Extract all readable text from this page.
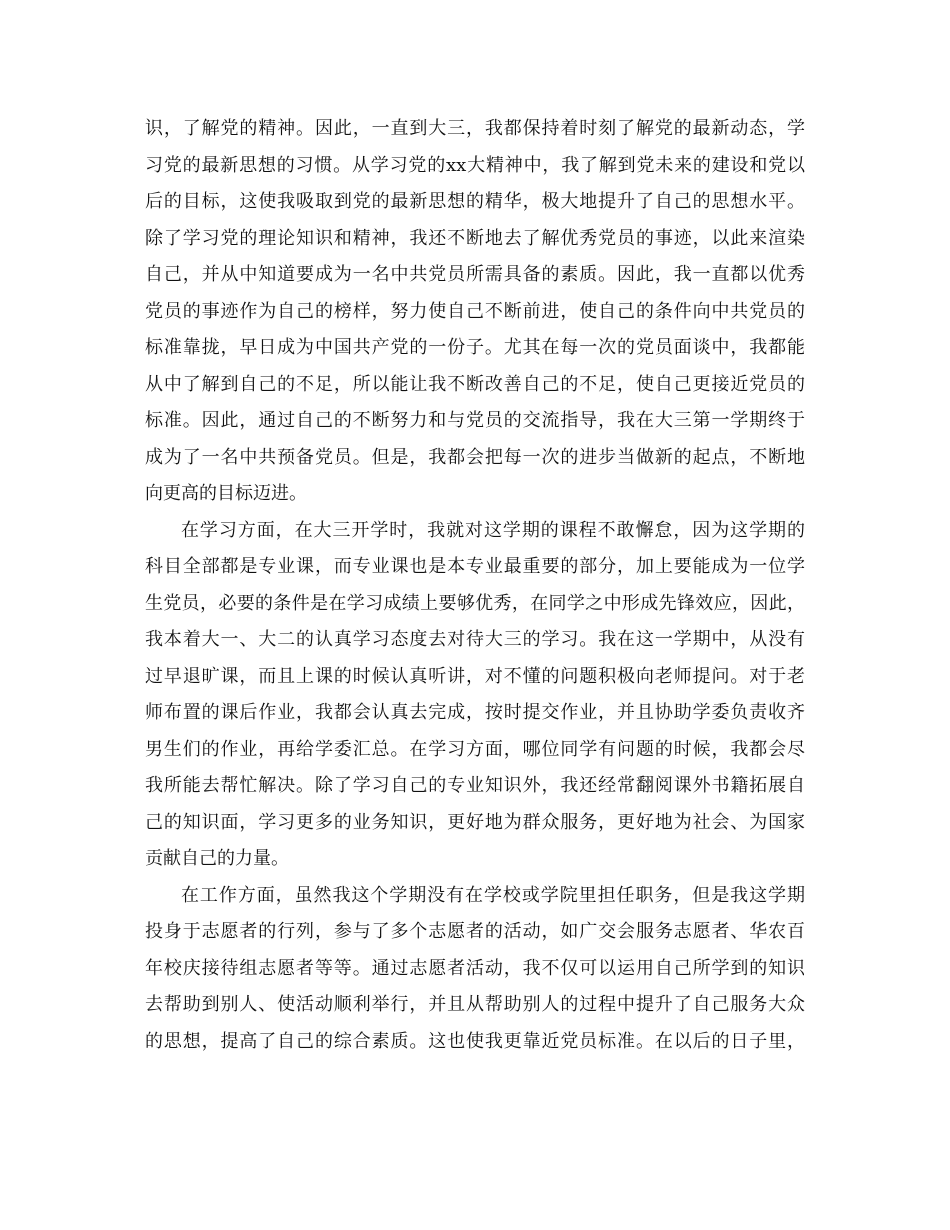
识，了解党的精神。因此，一直到大三，我都保持着时刻了解党的最新动态，学
习党的最新思想的习惯。从学习党的xx大精神中，我了解到党未来的建设和党以
后的目标，这使我吸取到党的最新思想的精华，极大地提升了自己的思想水平。
除了学习党的理论知识和精神，我还不断地去了解优秀党员的事迹，以此来渲染
自己，并从中知道要成为一名中共党员所需具备的素质。因此，我一直都以优秀
党员的事迹作为自己的榜样，努力使自己不断前进，使自己的条件向中共党员的
标准靠拢，早日成为中国共产党的一份子。尤其在每一次的党员面谈中，我都能
从中了解到自己的不足，所以能让我不断改善自己的不足，使自己更接近党员的
标准。因此，通过自己的不断努力和与党员的交流指导，我在大三第一学期终于
成为了一名中共预备党员。但是，我都会把每一次的进步当做新的起点，不断地
向更高的目标迈进。
在学习方面，在大三开学时，我就对这学期的课程不敢懈怠，因为这学期的
科目全部都是专业课，而专业课也是本专业最重要的部分，加上要能成为一位学
生党员，必要的条件是在学习成绩上要够优秀，在同学之中形成先锋效应，因此，
我本着大一、大二的认真学习态度去对待大三的学习。我在这一学期中，从没有
过早退旷课，而且上课的时候认真听讲，对不懂的问题积极向老师提问。对于老
师布置的课后作业，我都会认真去完成，按时提交作业，并且协助学委负责收齐
男生们的作业，再给学委汇总。在学习方面，哪位同学有问题的时候，我都会尽
我所能去帮忙解决。除了学习自己的专业知识外，我还经常翻阅课外书籍拓展自
己的知识面，学习更多的业务知识，更好地为群众服务，更好地为社会、为国家
贡献自己的力量。
在工作方面，虽然我这个学期没有在学校或学院里担任职务，但是我这学期
投身于志愿者的行列，参与了多个志愿者的活动，如广交会服务志愿者、华农百
年校庆接待组志愿者等等。通过志愿者活动，我不仅可以运用自己所学到的知识
去帮助到别人、使活动顺利举行，并且从帮助别人的过程中提升了自己服务大众
的思想，提高了自己的综合素质。这也使我更靠近党员标准。在以后的日子里，
